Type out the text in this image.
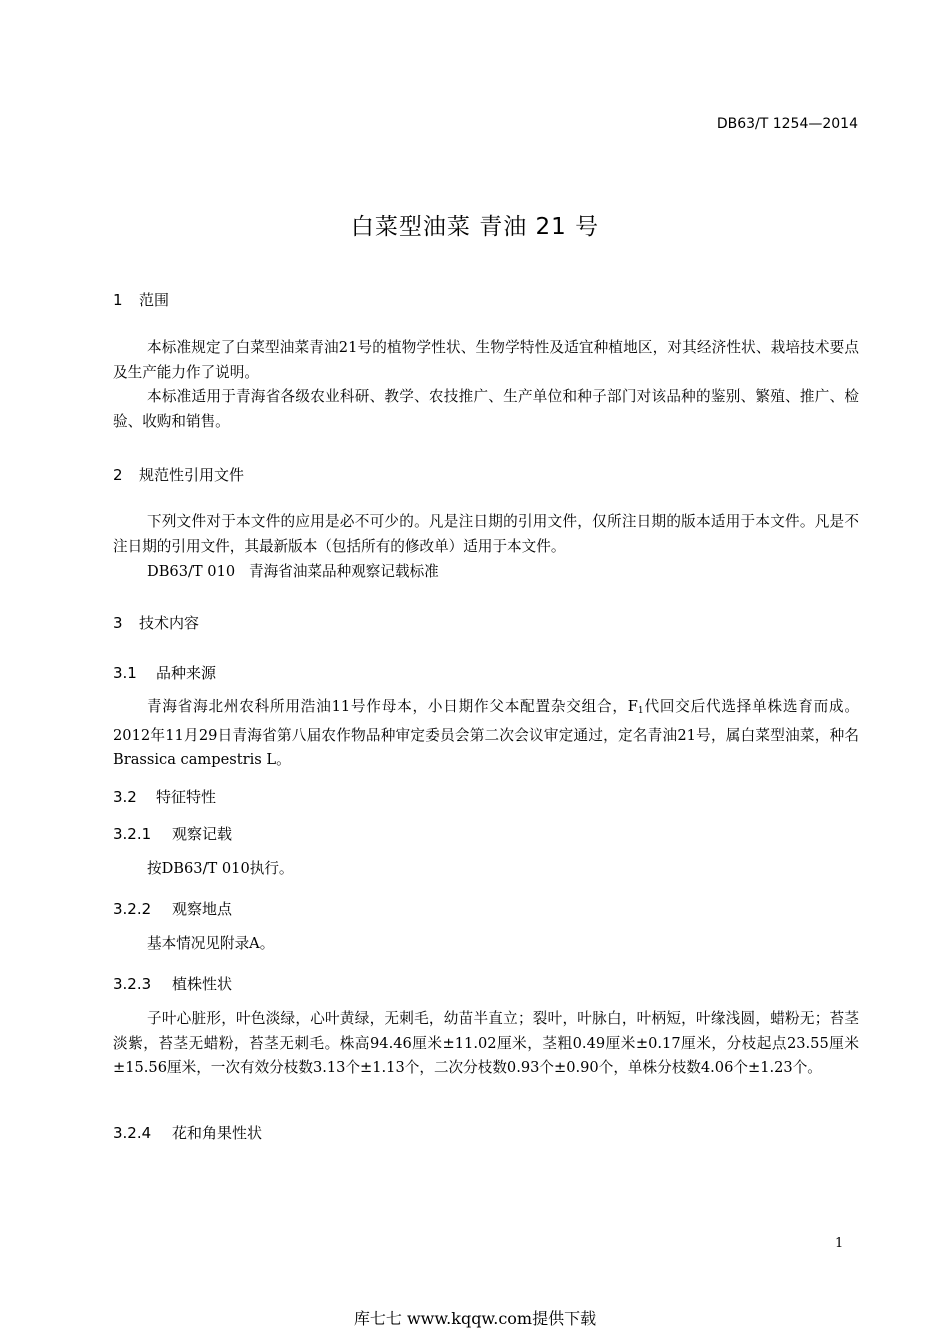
DB63/T 1254—2014
白菜型油菜 青油 21 号
1 范围
本标准规定了白菜型油菜青油21号的植物学性状、生物学特性及适宜种植地区，对其经济性状、栽培技术要点及生产能力作了说明。
本标准适用于青海省各级农业科研、教学、农技推广、生产单位和种子部门对该品种的鉴别、繁殖、推广、检验、收购和销售。
2 规范性引用文件
下列文件对于本文件的应用是必不可少的。凡是注日期的引用文件，仅所注日期的版本适用于本文件。凡是不注日期的引用文件，其最新版本（包括所有的修改单）适用于本文件。
DB63/T 010   青海省油菜品种观察记载标准
3 技术内容
3.1 品种来源
青海省海北州农科所用浩油11号作母本，小日期作父本配置杂交组合，$F_1$代回交后代选择单株选育而成。2012年11月29日青海省第八届农作物品种审定委员会第二次会议审定通过，定名青油21号，属白菜型油菜，种名Brassica campestris L。
3.2 特征特性
3.2.1 观察记载
按DB63/T 010执行。
3.2.2 观察地点
基本情况见附录A。
3.2.3 植株性状
子叶心脏形，叶色淡绿，心叶黄绿，无刺毛，幼苗半直立；裂叶，叶脉白，叶柄短，叶缘浅圆，蜡粉无；苔茎淡紫，苔茎无蜡粉，苔茎无刺毛。株高94.46厘米±11.02厘米，茎粗0.49厘米±0.17厘米，分枝起点23.55厘米±15.56厘米，一次有效分枝数3.13个±1.13个，二次分枝数0.93个±0.90个，单株分枝数4.06个±1.23个。
3.2.4 花和角果性状
1
库七七 www.kqqw.com提供下载
